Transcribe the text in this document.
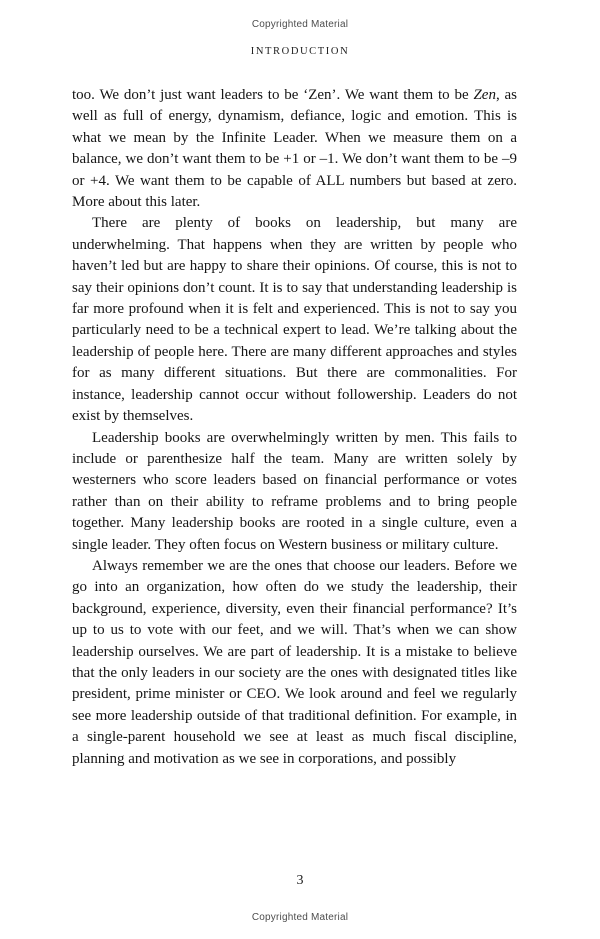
Copyrighted Material
INTRODUCTION

too. We don’t just want leaders to be ‘Zen’. We want them to be Zen, as well as full of energy, dynamism, defiance, logic and emotion. This is what we mean by the Infinite Leader. When we measure them on a balance, we don’t want them to be +1 or –1. We don’t want them to be –9 or +4. We want them to be capable of ALL numbers but based at zero. More about this later.

There are plenty of books on leadership, but many are underwhelming. That happens when they are written by people who haven’t led but are happy to share their opinions. Of course, this is not to say their opinions don’t count. It is to say that understanding leadership is far more profound when it is felt and experienced. This is not to say you particularly need to be a technical expert to lead. We’re talking about the leadership of people here. There are many different approaches and styles for as many different situations. But there are commonalities. For instance, leadership cannot occur without followership. Leaders do not exist by themselves.

Leadership books are overwhelmingly written by men. This fails to include or parenthesize half the team. Many are written solely by westerners who score leaders based on financial performance or votes rather than on their ability to reframe problems and to bring people together. Many leadership books are rooted in a single culture, even a single leader. They often focus on Western business or military culture.

Always remember we are the ones that choose our leaders. Before we go into an organization, how often do we study the leadership, their background, experience, diversity, even their financial performance? It’s up to us to vote with our feet, and we will. That’s when we can show leadership ourselves. We are part of leadership. It is a mistake to believe that the only leaders in our society are the ones with designated titles like president, prime minister or CEO. We look around and feel we regularly see more leadership outside of that traditional definition. For example, in a single-parent household we see at least as much fiscal discipline, planning and motivation as we see in corporations, and possibly

3
Copyrighted Material
